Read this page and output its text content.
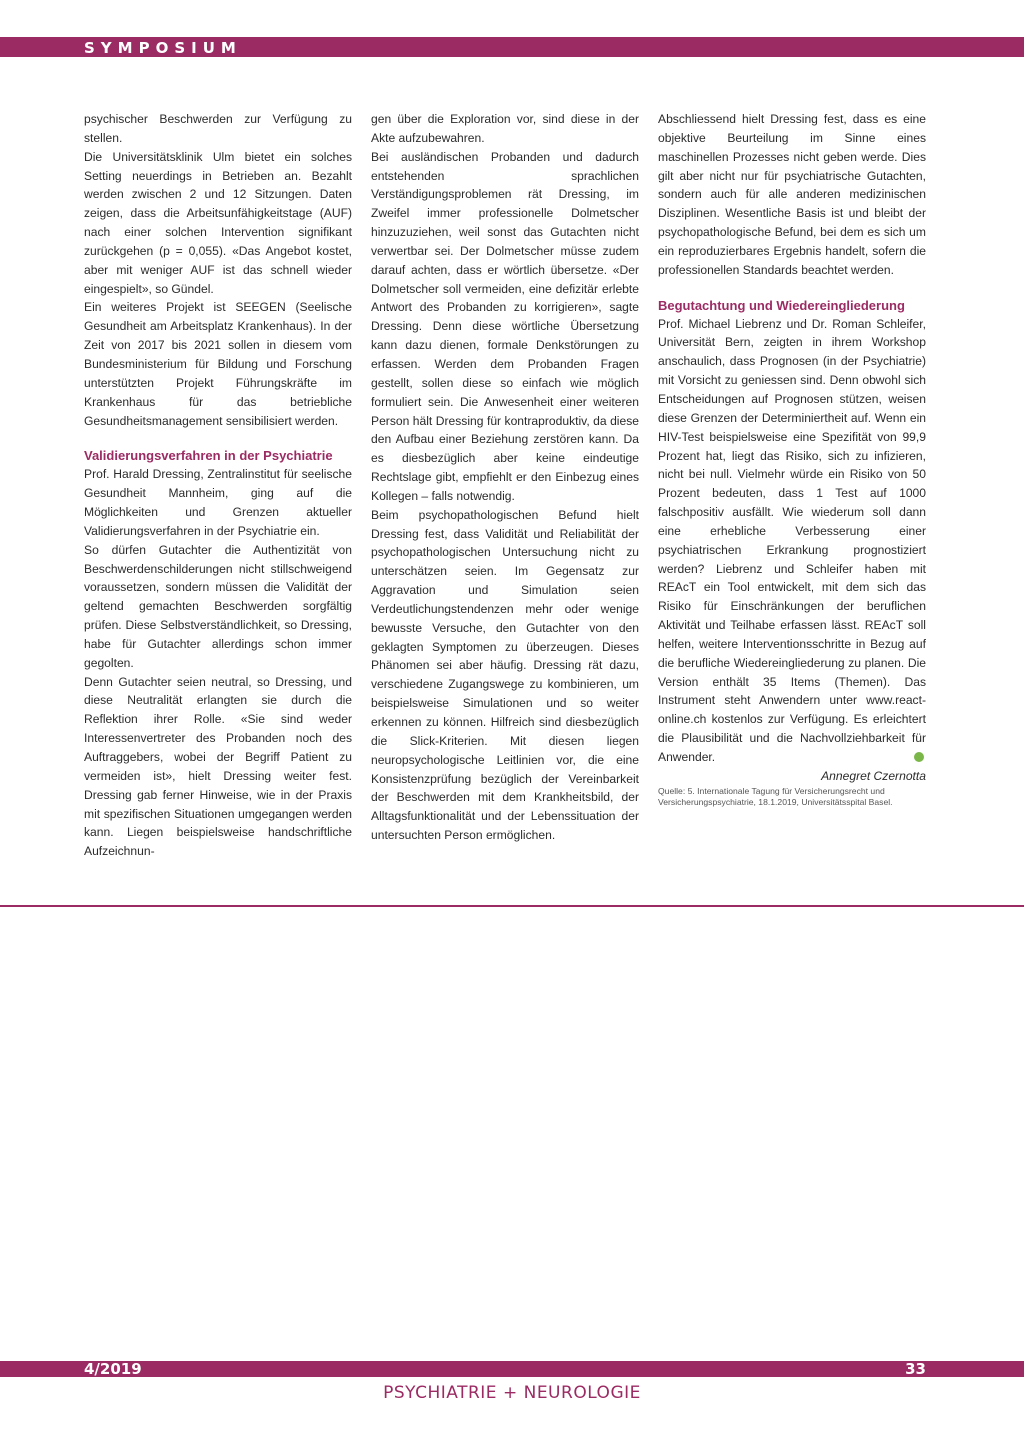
SYMPOSIUM

psychischer Beschwerden zur Verfügung zu stellen.

Die Universitätsklinik Ulm bietet ein solches Setting neuerdings in Betrieben an. Bezahlt werden zwischen 2 und 12 Sitzungen. Daten zeigen, dass die Arbeitsunfähigkeitstage (AUF) nach einer solchen Intervention signifikant zurückgehen (p = 0,055). «Das Angebot kostet, aber mit weniger AUF ist das schnell wieder eingespielt», so Gündel.

Ein weiteres Projekt ist SEEGEN (Seelische Gesundheit am Arbeitsplatz Krankenhaus). In der Zeit von 2017 bis 2021 sollen in diesem vom Bundesministerium für Bildung und Forschung unterstützten Projekt Führungskräfte im Krankenhaus für das betriebliche Gesundheitsmanagement sensibilisiert werden.

Validierungsverfahren in der Psychiatrie

Prof. Harald Dressing, Zentralinstitut für seelische Gesundheit Mannheim, ging auf die Möglichkeiten und Grenzen aktueller Validierungsverfahren in der Psychiatrie ein.

So dürfen Gutachter die Authentizität von Beschwerdenschilderungen nicht stillschweigend voraussetzen, sondern müssen die Validität der geltend gemachten Beschwerden sorgfältig prüfen. Diese Selbstverständlichkeit, so Dressing, habe für Gutachter allerdings schon immer gegolten.

Denn Gutachter seien neutral, so Dressing, und diese Neutralität erlangten sie durch die Reflektion ihrer Rolle. «Sie sind weder Interessenvertreter des Probanden noch des Auftraggebers, wobei der Begriff Patient zu vermeiden ist», hielt Dressing weiter fest. Dressing gab ferner Hinweise, wie in der Praxis mit spezifischen Situationen umgegangen werden kann. Liegen beispielsweise handschriftliche Aufzeichnun-

gen über die Exploration vor, sind diese in der Akte aufzubewahren.

Bei ausländischen Probanden und dadurch entstehenden sprachlichen Verständigungsproblemen rät Dressing, im Zweifel immer professionelle Dolmetscher hinzuzuziehen, weil sonst das Gutachten nicht verwertbar sei. Der Dolmetscher müsse zudem darauf achten, dass er wörtlich übersetze. «Der Dolmetscher soll vermeiden, eine defizitär erlebte Antwort des Probanden zu korrigieren», sagte Dressing. Denn diese wörtliche Übersetzung kann dazu dienen, formale Denkstörungen zu erfassen. Werden dem Probanden Fragen gestellt, sollen diese so einfach wie möglich formuliert sein. Die Anwesenheit einer weiteren Person hält Dressing für kontraproduktiv, da diese den Aufbau einer Beziehung zerstören kann. Da es diesbezüglich aber keine eindeutige Rechtslage gibt, empfiehlt er den Einbezug eines Kollegen – falls notwendig.

Beim psychopathologischen Befund hielt Dressing fest, dass Validität und Reliabilität der psychopathologischen Untersuchung nicht zu unterschätzen seien. Im Gegensatz zur Aggravation und Simulation seien Verdeutlichungstendenzen mehr oder wenige bewusste Versuche, den Gutachter von den geklagten Symptomen zu überzeugen. Dieses Phänomen sei aber häufig. Dressing rät dazu, verschiedene Zugangswege zu kombinieren, um beispielsweise Simulationen und so weiter erkennen zu können. Hilfreich sind diesbezüglich die Slick-Kriterien. Mit diesen liegen neuropsychologische Leitlinien vor, die eine Konsistenzprüfung bezüglich der Vereinbarkeit der Beschwerden mit dem Krankheitsbild, der Alltagsfunktionalität und der Lebenssituation der untersuchten Person ermöglichen.

Abschliessend hielt Dressing fest, dass es eine objektive Beurteilung im Sinne eines maschinellen Prozesses nicht geben werde. Dies gilt aber nicht nur für psychiatrische Gutachten, sondern auch für alle anderen medizinischen Disziplinen. Wesentliche Basis ist und bleibt der psychopathologische Befund, bei dem es sich um ein reproduzierbares Ergebnis handelt, sofern die professionellen Standards beachtet werden.

Begutachtung und Wiedereingliederung

Prof. Michael Liebrenz und Dr. Roman Schleifer, Universität Bern, zeigten in ihrem Workshop anschaulich, dass Prognosen (in der Psychiatrie) mit Vorsicht zu geniessen sind. Denn obwohl sich Entscheidungen auf Prognosen stützen, weisen diese Grenzen der Determiniertheit auf. Wenn ein HIV-Test beispielsweise eine Spezifität von 99,9 Prozent hat, liegt das Risiko, sich zu infizieren, nicht bei null. Vielmehr würde ein Risiko von 50 Prozent bedeuten, dass 1 Test auf 1000 falschpositiv ausfällt. Wie wiederum soll dann eine erhebliche Verbesserung einer psychiatrischen Erkrankung prognostiziert werden? Liebrenz und Schleifer haben mit REAcT ein Tool entwickelt, mit dem sich das Risiko für Einschränkungen der beruflichen Aktivität und Teilhabe erfassen lässt. REAcT soll helfen, weitere Interventionsschritte in Bezug auf die berufliche Wiedereingliederung zu planen. Die Version enthält 35 Items (Themen). Das Instrument steht Anwendern unter www.react-online.ch kostenlos zur Verfügung. Es erleichtert die Plausibilität und die Nachvollziehbarkeit für Anwender.

Annegret Czernotta

Quelle: 5. Internationale Tagung für Versicherungsrecht und Versicherungspsychiatrie, 18.1.2019, Universitätsspital Basel.

4/2019	33
PSYCHIATRIE + NEUROLOGIE
